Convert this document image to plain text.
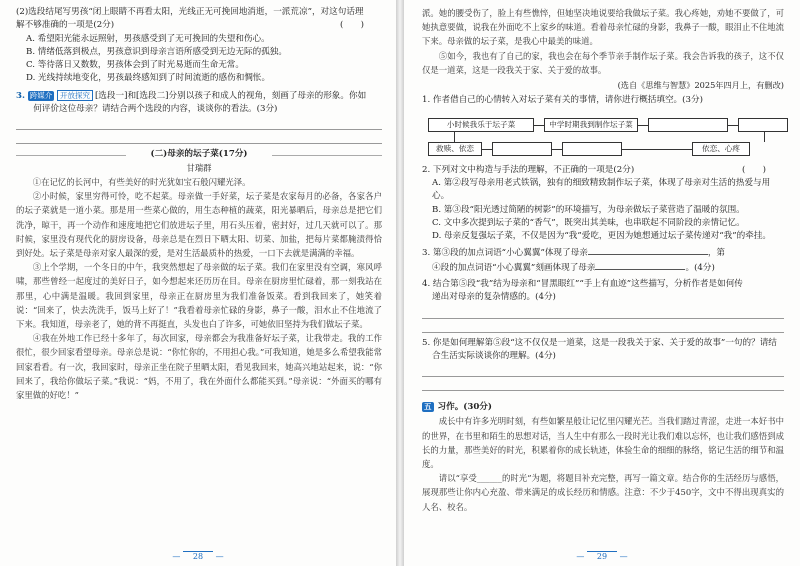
(2)选段结尾写男孩“闭上眼睛不再看太阳，光线正无可挽回地消逝，一派荒凉”，对这句话理

解不够准确的一项是(2分)	(　　)

A. 希望阳光能永远照射，男孩感受到了无可挽回的失望和伤心。

B. 情绪低落到极点，男孩意识到母亲言语所感受到无边无际的孤独。

C. 等待落日又数数，男孩体会到了时光易逝而生命无常。

D. 光线持续地变化，男孩最终感知到了时间流逝的感伤和惆怅。

3. 跨媒介 开放探究 [选段一]和[选段二]分别以孩子和成人的视角，刻画了母亲的形象。你如

何评价这位母亲？请结合两个选段的内容，谈谈你的看法。(3分)

(二)母亲的坛子菜(17分)

甘瑞群

①在记忆的长河中，有些美好的时光犹如宝石般闪耀光泽。

②小时候，家里穷得可怜，吃不起菜。母亲做一手好菜，坛子菜是农家每月的必备，各家各户的坛子菜就是一道小菜。那是用一些菜心做的，用生态种植的蔬菜，阳光暴晒后，母亲总是把它们洗净，晾干，再一个动作和速度地把它们放进坛子里，用石头压着，密封好，过几天就可以了。那时候，家里没有现代化的厨房设备，母亲总是在烈日下晒太阳、切菜、加盐，把每片菜都腌渍得恰到好处。坛子菜是母亲对家人最深的爱，是对生活最质朴的热爱，一口下去就是满满的幸福。

③上个学期，一个冬日的中午，我突然想起了母亲做的坛子菜。我们在家里没有空调，寒风呼啸，那些曾经一起度过的美好日子，如今想起来还历历在目。母亲在厨房里忙碌着，那一刻我站在那里，心中满是温暖。我回到家里，母亲正在厨房里为我们准备饭菜。看到我回来了，她笑着说：“回来了，快去洗洗手，饭马上好了！”我看着母亲忙碌的身影，鼻子一酸，泪水止不住地流了下来。我知道，母亲老了，她的背不再挺直，头发也白了许多，可她依旧坚持为我们做坛子菜。

④我在外地工作已经十多年了，每次回家，母亲都会为我准备好坛子菜，让我带走。我的工作很忙，很少回家看望母亲。母亲总是说：“你忙你的，不用担心我。”可我知道，她是多么希望我能常回家看看。有一次，我回家时，母亲正坐在院子里晒太阳，看见我回来，她高兴地站起来，说：“你回来了，我给你做坛子菜。”我说：“妈，不用了，我在外面什么都能买到。”母亲说：“外面买的哪有家里做的好吃！”

— 28 —

派。她的腰受伤了，脸上有些憔悴，但她坚决地说要给我做坛子菜。我心疼她，劝她不要做了，可她执意要做，说我在外面吃不上家乡的味道。看着母亲忙碌的身影，我鼻子一酸，眼泪止不住地流下来。母亲做的坛子菜，是我心中最美的味道。

⑤如今，我也有了自己的家，我也会在每个季节亲手制作坛子菜。我会告诉我的孩子，这不仅仅是一道菜，这是一段我关于家、关于爱的故事。

(选自《思维与智慧》2025年四月上，有删改)

1. 作者借自己的心情转入对坛子菜有关的事情，请你进行概括填空。(3分)

小时候我乐于坛子菜	中学时期我到制作坛子菜
救赎、依恋	依恋、心疼

2. 下列对文中构造与手法的理解，不正确的一项是(2分)	(　　)

A. 第②段写母亲用老式铁锅，独有的细致精致制作坛子菜，体现了母亲对生活的热爱与用心。

B. 第③段“阳光透过简陋的树影”的环境描写，为母亲做坛子菜营造了温暖的氛围。

C. 文中多次提到坛子菜的“香气”，既突出其美味，也串联起不同阶段的亲情记忆。

D. 母亲反复强坛子菜，不仅是因为“我”爱吃，更因为她想通过坛子菜传递对“我”的牵挂。

3. 第③段的加点词语“小心翼翼”体现了母亲	，第

④段的加点词语“小心翼翼”刻画体现了母亲	。(4分)

4. 结合第⑤段“我”结为母亲和“冒黑眼红”“手上有血迹”这些描写，分析作者是如何传

递出对母亲的复杂情感的。(4分)

5. 你是如何理解第⑤段“这不仅仅是一道菜，这是一段我关于家、关于爱的故事”一句的？请结

合生活实际谈谈你的理解。(4分)

五 习作。(30分)

成长中有许多光明时刻，有些如繁星般让记忆里闪耀光芒。当我们踏过青涩，走进一本好书中的世界，在书里和陌生的思想对话，当人生中有那么一段时光让我们难以忘怀，也让我们感悟到成长的力量，那些美好的时光，积累着你的成长轨迹，体验生命的细细的脉络，铭记生活的细节和温度。

请以“享受______的时光”为题，将题目补充完整，再写一篇文章。结合你的生活经历与感悟，展现那些让你内心充盈、带来满足的成长经历和情感。注意：不少于450字，文中不得出现真实的人名、校名。

— 29 —
